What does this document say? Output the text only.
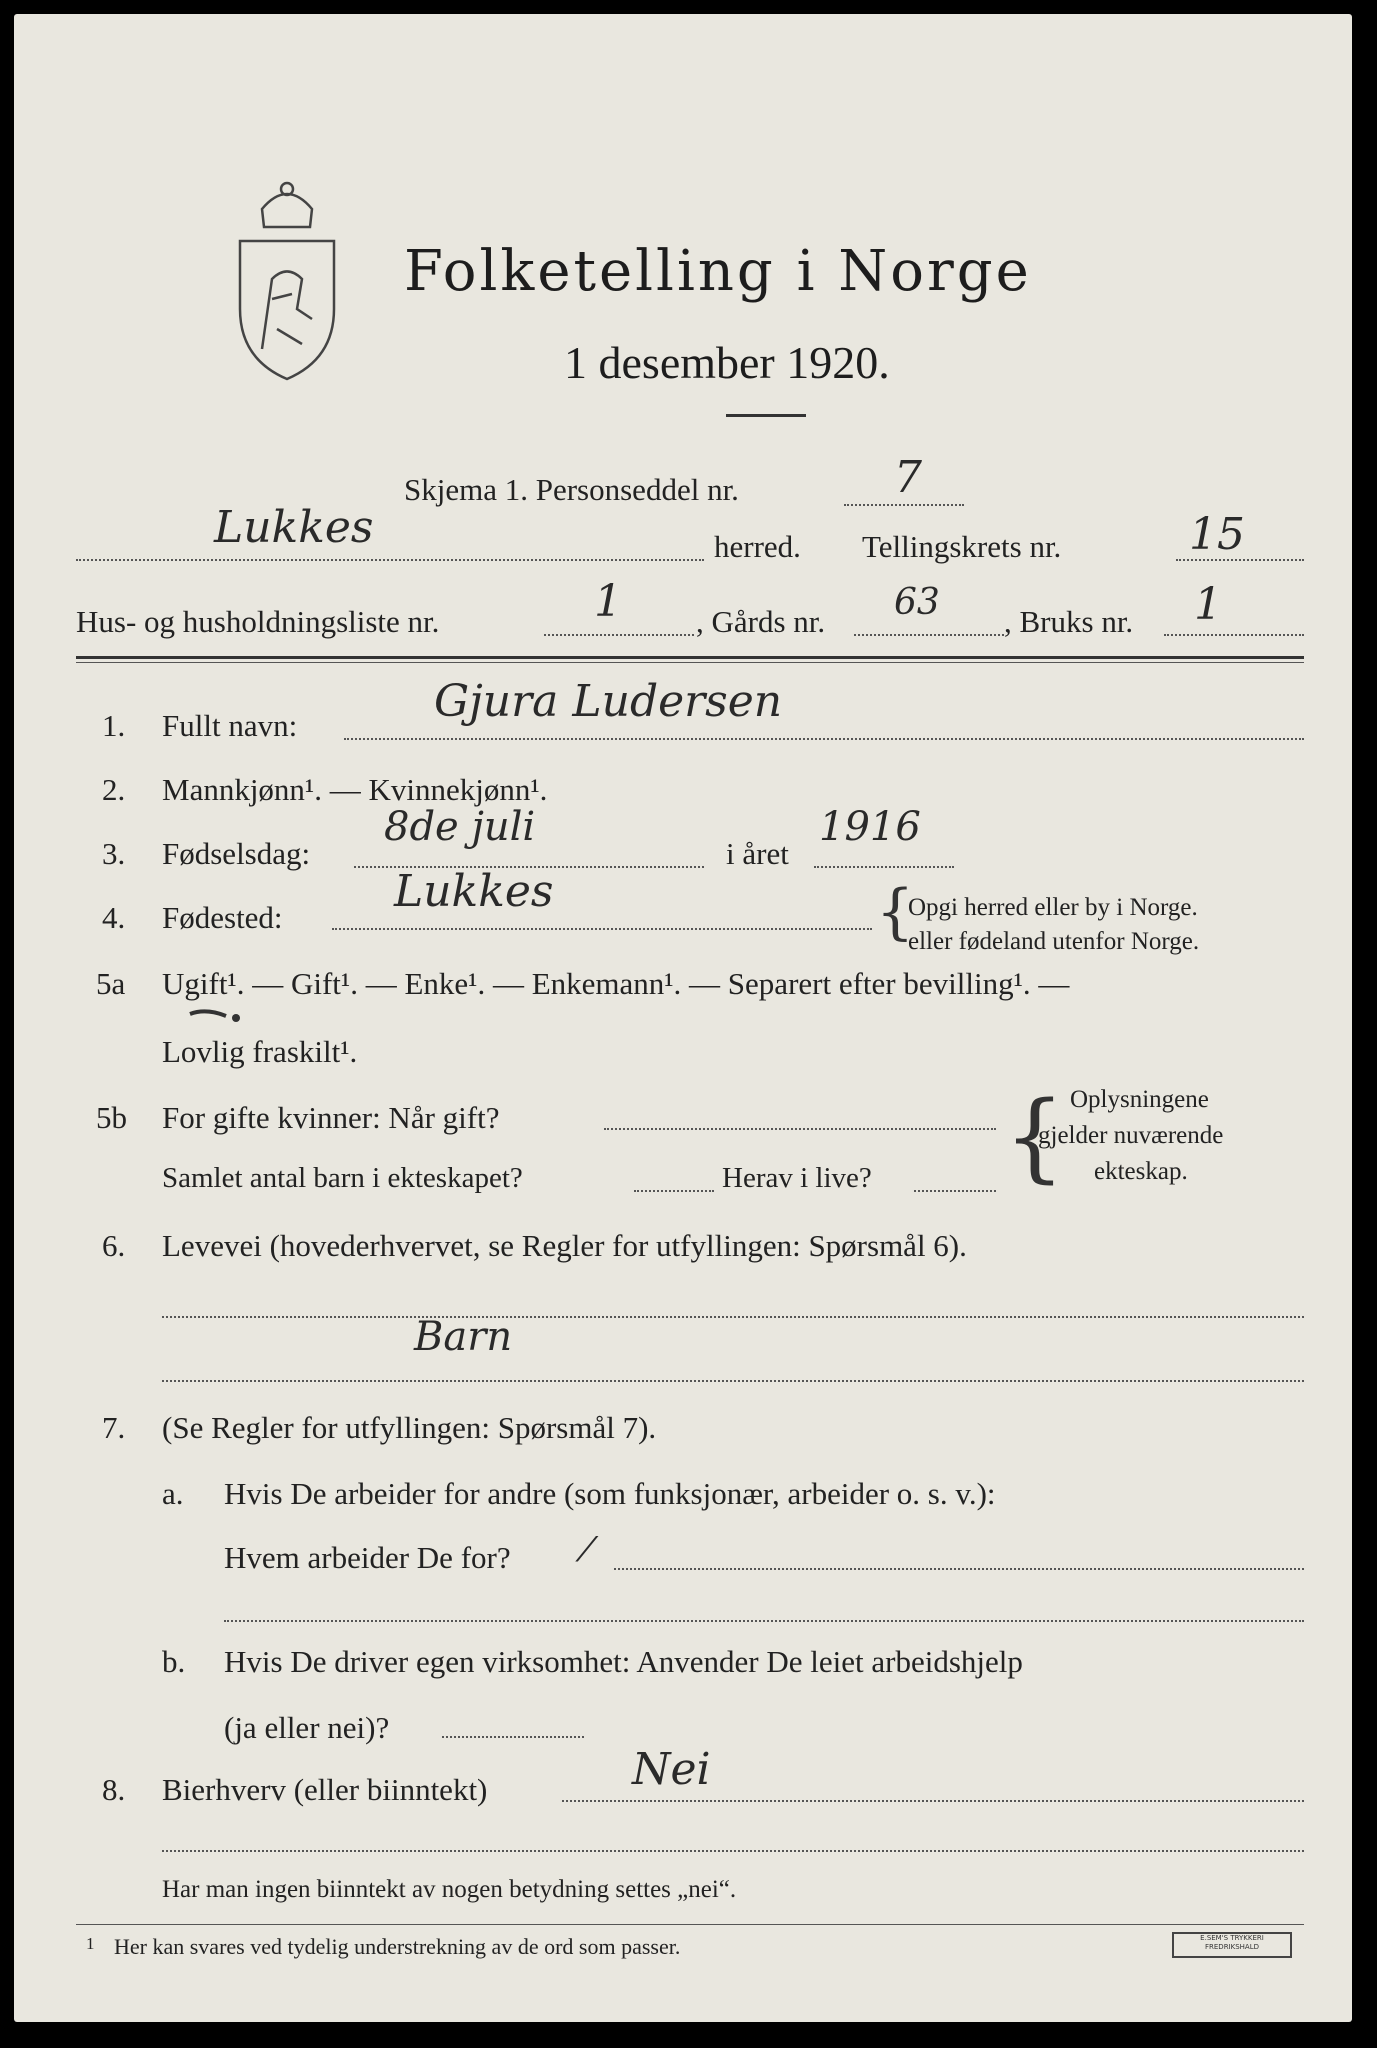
Folketelling i Norge
1 desember 1920.
Skjema 1. Personseddel nr.	7
Lukkes	herred. Tellingskrets nr.	15
Hus- og husholdningsliste nr.	1 , Gårds nr. 63 , Bruks nr. 1
1. Fullt navn:	Gjura Ludersen
2. Mannkjønn¹. — Kvinnekjønn¹.
3. Fødselsdag:
8de juli
i året
1916
4. Fødested:
Lukkes	{
Opgi herred eller by i Norge.
eller fødeland utenfor Norge.
5a Ugift¹. — Gift¹. — Enke¹. — Enkemann¹. — Separert efter bevilling¹. —
Lovlig fraskilt¹.
5b For gifte kvinner: Når gift?
Samlet antal barn i ekteskapet?	Herav i live? { Oplysningene
gjelder nuværende
ekteskap.
6. Levevei (hovederhvervet, se Regler for utfyllingen: Spørsmål 6).
Barn
7. (Se Regler for utfyllingen: Spørsmål 7).
a. Hvis De arbeider for andre (som funksjonær, arbeider o. s. v.):
Hvem arbeider De for? ⁄
b. Hvis De driver egen virksomhet: Anvender De leiet arbeidshjelp
(ja eller nei)?
8. Bierhverv (eller biinntekt)	Nei
Har man ingen biinntekt av nogen betydning settes „nei“.
1 Her kan svares ved tydelig understrekning av de ord som passer.	E.SEM'S TRYKKERI FREDRIKSHALD
